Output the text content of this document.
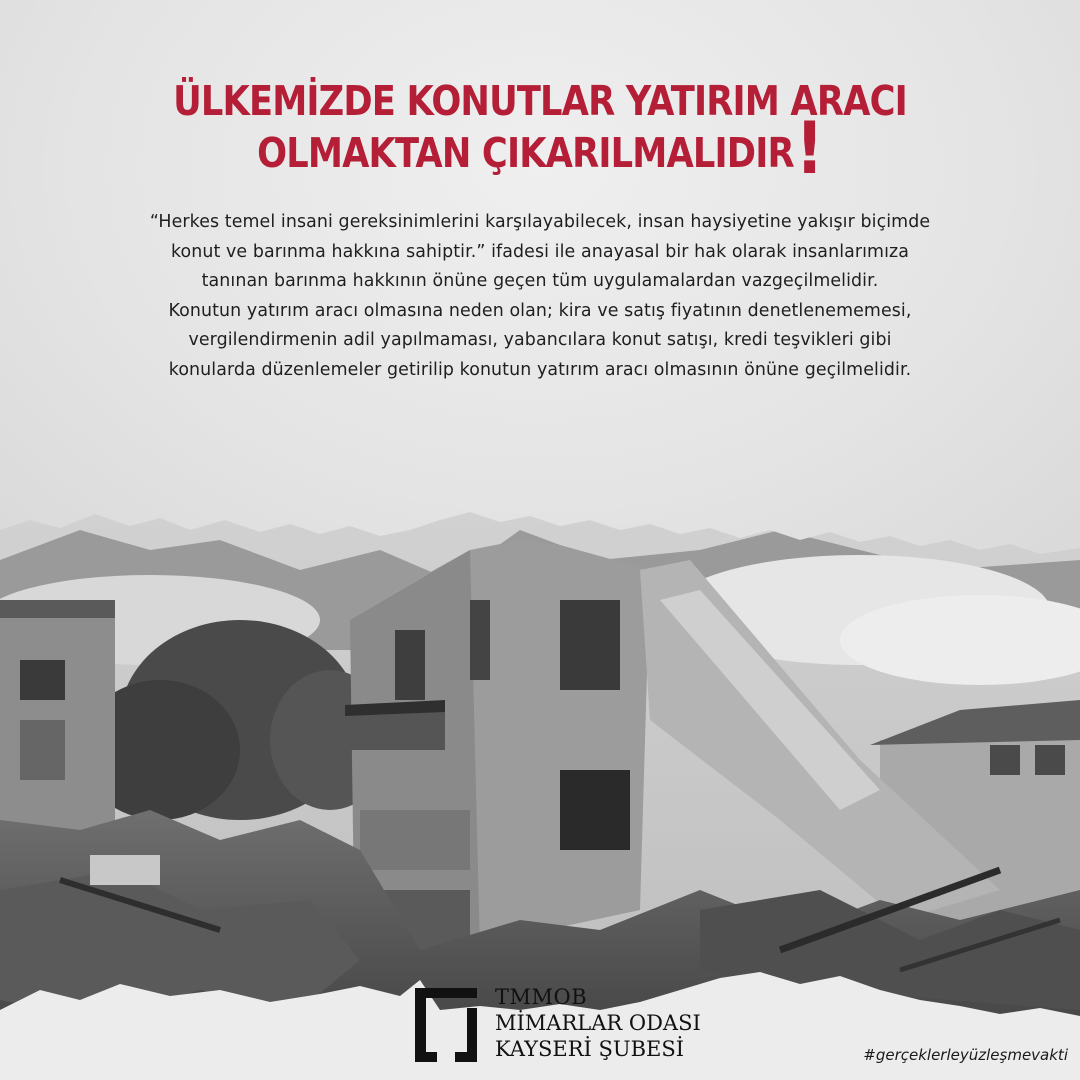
ÜLKEMİZDE KONUTLAR YATIRIM ARACI
OLMAKTAN ÇIKARILMALIDIR!
“Herkes temel insani gereksinimlerini karşılayabilecek, insan haysiyetine yakışır biçimde
konut ve barınma hakkına sahiptir.” ifadesi ile anayasal bir hak olarak insanlarımıza
tanınan barınma hakkının önüne geçen tüm uygulamalardan vazgeçilmelidir.
Konutun yatırım aracı olmasına neden olan; kira ve satış fiyatının denetlenememesi,
vergilendirmenin adil yapılmaması, yabancılara konut satışı, kredi teşvikleri gibi
konularda düzenlemeler getirilip konutun yatırım aracı olmasının önüne geçilmelidir.
TMMOB
MİMARLAR ODASI
KAYSERİ ŞUBESİ	#gerçeklerleyüzleşmevakti
